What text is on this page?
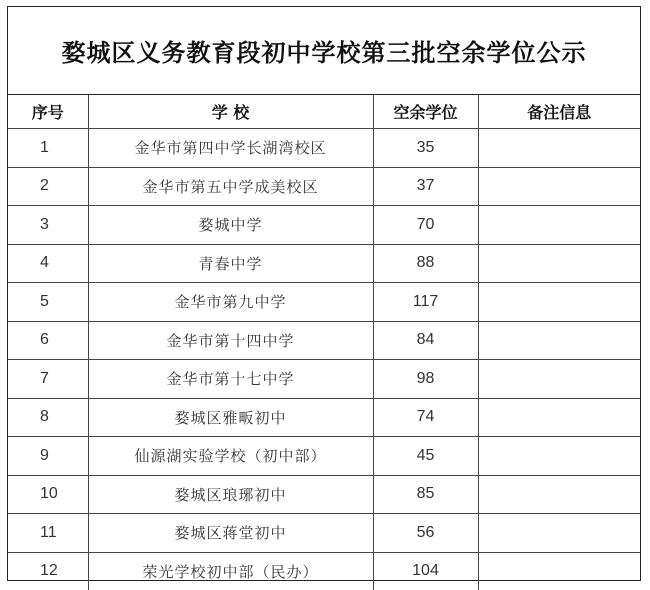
婺城区义务教育段初中学校第三批空余学位公示
序号	学 校	空余学位	备注信息
1	金华市第四中学长湖湾校区	35	
2	金华市第五中学成美校区	37	
3	婺城中学	70	
4	青春中学	88	
5	金华市第九中学	117	
6	金华市第十四中学	84	
7	金华市第十七中学	98	
8	婺城区雅畈初中	74	
9	仙源湖实验学校（初中部）	45	
10	婺城区琅琊初中	85	
11	婺城区蒋堂初中	56	
12	荣光学校初中部（民办）	104	
